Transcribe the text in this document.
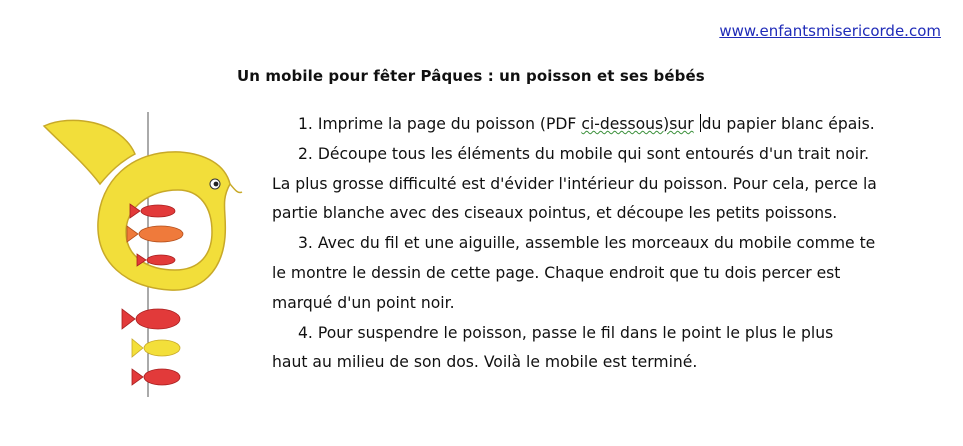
www.enfantsmisericorde.com
Un mobile pour fêter Pâques : un poisson et ses bébés

1. Imprime la page du poisson (PDF ci-dessous)sur du papier blanc épais.

2. Découpe tous les éléments du mobile qui sont entourés d'un trait noir.

La plus grosse difficulté est d'évider l'intérieur du poisson. Pour cela, perce la
partie blanche avec des ciseaux pointus, et découpe les petits poissons.

3. Avec du fil et une aiguille, assemble les morceaux du mobile comme te

le montre le dessin de cette page. Chaque endroit que tu dois percer est
marqué d'un point noir.

4. Pour suspendre le poisson, passe le fil dans le point le plus le plus

haut au milieu de son dos. Voilà le mobile est terminé.
